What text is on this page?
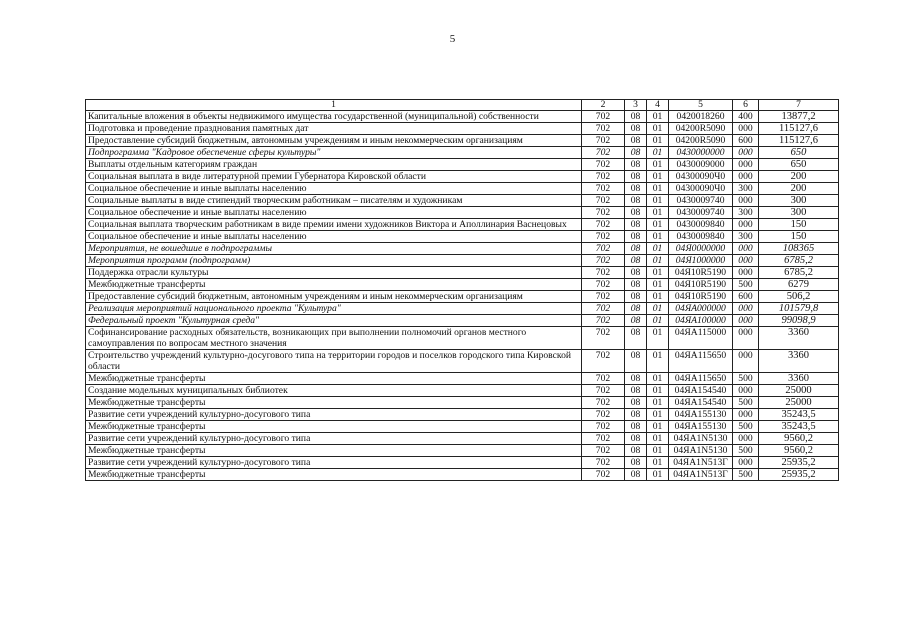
5
1	2	3	4	5	6	7
Капитальные вложения в объекты недвижимого имущества государственной (муниципальной) собственности	702	08	01	0420018260	400	13877,2
Подготовка и проведение празднования памятных дат	702	08	01	04200R5090	000	115127,6
Предоставление субсидий бюджетным, автономным учреждениям и иным некоммерческим организациям	702	08	01	04200R5090	600	115127,6
Подпрограмма "Кадровое обеспечение сферы культуры"	702	08	01	0430000000	000	650
Выплаты отдельным категориям граждан	702	08	01	0430009000	000	650
Социальная выплата в виде литературной премии Губернатора Кировской области	702	08	01	04300090Ч0	000	200
Социальное обеспечение и иные выплаты населению	702	08	01	04300090Ч0	300	200
Социальные выплаты в виде стипендий творческим работникам – писателям и художникам	702	08	01	0430009740	000	300
Социальное обеспечение и иные выплаты населению	702	08	01	0430009740	300	300
Социальная выплата творческим работникам в виде премии имени художников Виктора и Аполлинария Васнецовых	702	08	01	0430009840	000	150
Социальное обеспечение и иные выплаты населению	702	08	01	0430009840	300	150
Мероприятия, не вошедшие в подпрограммы	702	08	01	04Я0000000	000	108365
Мероприятия программ (подпрограмм)	702	08	01	04Я1000000	000	6785,2
Поддержка отрасли культуры	702	08	01	04Я10R5190	000	6785,2
Межбюджетные трансферты	702	08	01	04Я10R5190	500	6279
Предоставление субсидий бюджетным, автономным учреждениям и иным некоммерческим организациям	702	08	01	04Я10R5190	600	506,2
Реализация мероприятий национального проекта "Культура"	702	08	01	04ЯA000000	000	101579,8
Федеральный проект "Культурная среда"	702	08	01	04ЯA100000	000	99098,9
Софинансирование расходных обязательств, возникающих при выполнении полномочий органов местного самоуправления по вопросам местного значения	702	08	01	04ЯA115000	000	3360
Строительство учреждений культурно-досугового типа на территории городов и поселков городского типа Кировской области	702	08	01	04ЯA115650	000	3360
Межбюджетные трансферты	702	08	01	04ЯA115650	500	3360
Создание модельных муниципальных библиотек	702	08	01	04ЯA154540	000	25000
Межбюджетные трансферты	702	08	01	04ЯA154540	500	25000
Развитие сети учреждений культурно-досугового типа	702	08	01	04ЯA155130	000	35243,5
Межбюджетные трансферты	702	08	01	04ЯA155130	500	35243,5
Развитие сети учреждений культурно-досугового типа	702	08	01	04ЯA1N5130	000	9560,2
Межбюджетные трансферты	702	08	01	04ЯA1N5130	500	9560,2
Развитие сети учреждений культурно-досугового типа	702	08	01	04ЯA1N513Г	000	25935,2
Межбюджетные трансферты	702	08	01	04ЯA1N513Г	500	25935,2
